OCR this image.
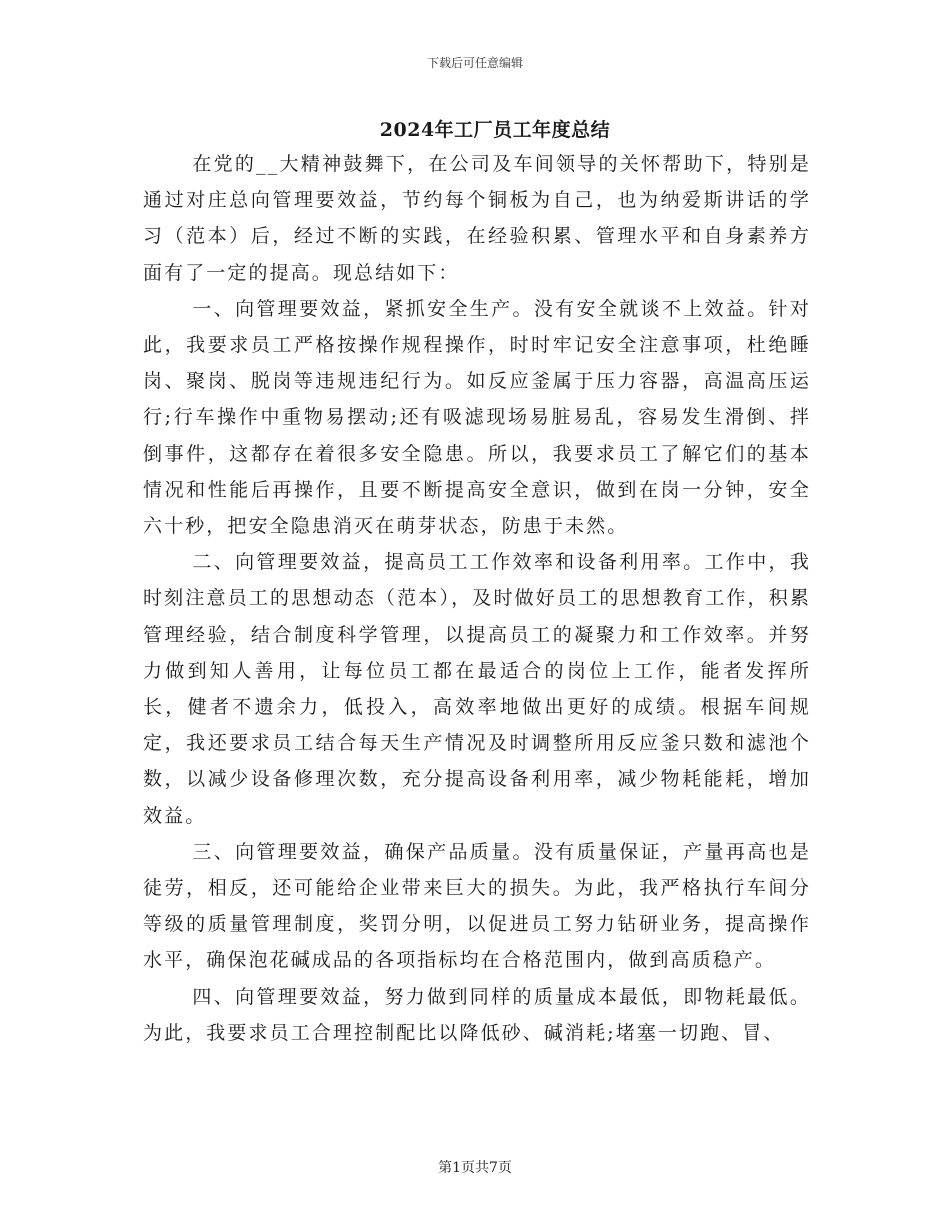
下载后可任意编辑
2024年工厂员工年度总结

在党的__大精神鼓舞下，在公司及车间领导的关怀帮助下，特别是通过对庄总向管理要效益，节约每个铜板为自己，也为纳爱斯讲话的学习（范本）后，经过不断的实践，在经验积累、管理水平和自身素养方面有了一定的提高。现总结如下：

一、向管理要效益，紧抓安全生产。没有安全就谈不上效益。针对此，我要求员工严格按操作规程操作，时时牢记安全注意事项，杜绝睡岗、聚岗、脱岗等违规违纪行为。如反应釜属于压力容器，高温高压运行;行车操作中重物易摆动;还有吸滤现场易脏易乱，容易发生滑倒、拌倒事件，这都存在着很多安全隐患。所以，我要求员工了解它们的基本情况和性能后再操作，且要不断提高安全意识，做到在岗一分钟，安全六十秒，把安全隐患消灭在萌芽状态，防患于未然。

二、向管理要效益，提高员工工作效率和设备利用率。工作中，我时刻注意员工的思想动态（范本），及时做好员工的思想教育工作，积累管理经验，结合制度科学管理，以提高员工的凝聚力和工作效率。并努力做到知人善用，让每位员工都在最适合的岗位上工作，能者发挥所长，健者不遗余力，低投入，高效率地做出更好的成绩。根据车间规定，我还要求员工结合每天生产情况及时调整所用反应釜只数和滤池个数，以减少设备修理次数，充分提高设备利用率，减少物耗能耗，增加效益。

三、向管理要效益，确保产品质量。没有质量保证，产量再高也是徒劳，相反，还可能给企业带来巨大的损失。为此，我严格执行车间分等级的质量管理制度，奖罚分明，以促进员工努力钻研业务，提高操作水平，确保泡花碱成品的各项指标均在合格范围内，做到高质稳产。

四、向管理要效益，努力做到同样的质量成本最低，即物耗最低。为此，我要求员工合理控制配比以降低砂、碱消耗;堵塞一切跑、冒、

第1页共7页
